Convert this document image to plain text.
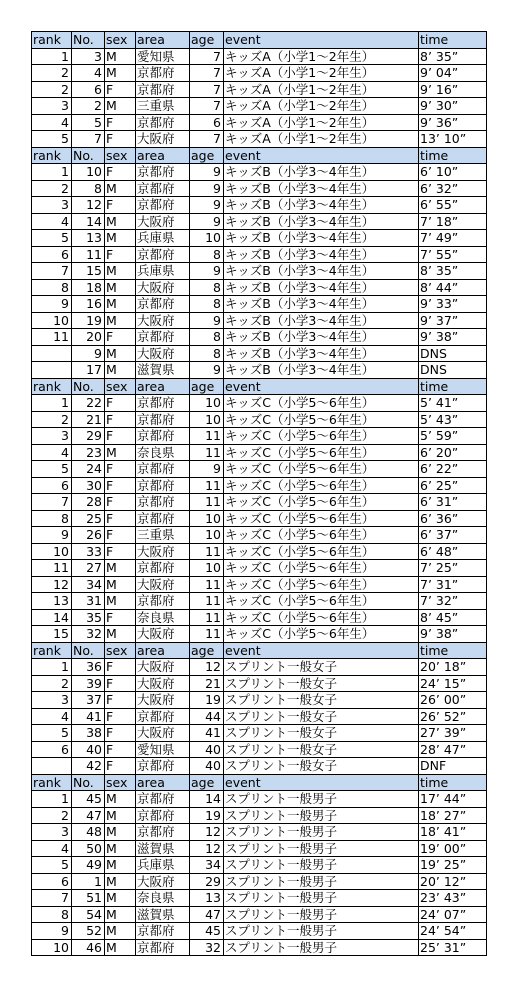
rank	No.	sex	area	age	event	time
1	3	M	愛知県	7	キッズA（小学1～2年生）	8’ 35”
2	4	M	京都府	7	キッズA（小学1～2年生）	9’ 04”
2	6	F	京都府	7	キッズA（小学1～2年生）	9’ 16”
3	2	M	三重県	7	キッズA（小学1～2年生）	9’ 30”
4	5	F	京都府	6	キッズA（小学1～2年生）	9’ 36”
5	7	F	大阪府	7	キッズA（小学1～2年生）	13’ 10”
rank	No.	sex	area	age	event	time
1	10	F	京都府	9	キッズB（小学3～4年生）	6’ 10”
2	8	M	京都府	9	キッズB（小学3～4年生）	6’ 32”
3	12	F	京都府	9	キッズB（小学3～4年生）	6’ 55”
4	14	M	大阪府	9	キッズB（小学3～4年生）	7’ 18”
5	13	M	兵庫県	10	キッズB（小学3～4年生）	7’ 49”
6	11	F	京都府	8	キッズB（小学3～4年生）	7’ 55”
7	15	M	兵庫県	9	キッズB（小学3～4年生）	8’ 35”
8	18	M	大阪府	8	キッズB（小学3～4年生）	8’ 44”
9	16	M	京都府	8	キッズB（小学3～4年生）	9’ 33”
10	19	M	大阪府	9	キッズB（小学3～4年生）	9’ 37”
11	20	F	京都府	8	キッズB（小学3～4年生）	9’ 38”
	9	M	大阪府	8	キッズB（小学3～4年生）	DNS
	17	M	滋賀県	9	キッズB（小学3～4年生）	DNS
rank	No.	sex	area	age	event	time
1	22	F	京都府	10	キッズC（小学5～6年生）	5’ 41”
2	21	F	京都府	10	キッズC（小学5～6年生）	5’ 43”
3	29	F	京都府	11	キッズC（小学5～6年生）	5’ 59”
4	23	M	奈良県	11	キッズC（小学5～6年生）	6’ 20”
5	24	F	京都府	9	キッズC（小学5～6年生）	6’ 22”
6	30	F	京都府	11	キッズC（小学5～6年生）	6’ 25”
7	28	F	京都府	11	キッズC（小学5～6年生）	6’ 31”
8	25	F	京都府	10	キッズC（小学5～6年生）	6’ 36”
9	26	F	三重県	10	キッズC（小学5～6年生）	6’ 37”
10	33	F	大阪府	11	キッズC（小学5～6年生）	6’ 48”
11	27	M	京都府	10	キッズC（小学5～6年生）	7’ 25”
12	34	M	大阪府	11	キッズC（小学5～6年生）	7’ 31”
13	31	M	京都府	11	キッズC（小学5～6年生）	7’ 32”
14	35	F	奈良県	11	キッズC（小学5～6年生）	8’ 45”
15	32	M	大阪府	11	キッズC（小学5～6年生）	9’ 38”
rank	No.	sex	area	age	event	time
1	36	F	大阪府	12	スプリント一般女子	20’ 18”
2	39	F	大阪府	21	スプリント一般女子	24’ 15”
3	37	F	大阪府	19	スプリント一般女子	26’ 00”
4	41	F	京都府	44	スプリント一般女子	26’ 52”
5	38	F	大阪府	41	スプリント一般女子	27’ 39”
6	40	F	愛知県	40	スプリント一般女子	28’ 47”
	42	F	京都府	40	スプリント一般女子	DNF
rank	No.	sex	area	age	event	time
1	45	M	京都府	14	スプリント一般男子	17’ 44”
2	47	M	京都府	19	スプリント一般男子	18’ 27”
3	48	M	京都府	12	スプリント一般男子	18’ 41”
4	50	M	滋賀県	12	スプリント一般男子	19’ 00”
5	49	M	兵庫県	34	スプリント一般男子	19’ 25”
6	1	M	大阪府	29	スプリント一般男子	20’ 12”
7	51	M	奈良県	13	スプリント一般男子	23’ 43”
8	54	M	滋賀県	47	スプリント一般男子	24’ 07”
9	52	M	京都府	45	スプリント一般男子	24’ 54”
10	46	M	京都府	32	スプリント一般男子	25’ 31”
